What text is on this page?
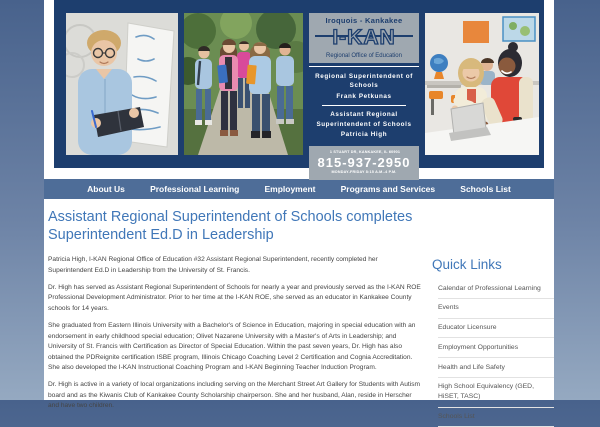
Iroquois - Kankakee
I-KAN
Regional Office of Education
Regional Superintendent of Schools
Frank Petkunas
Assistant Regional Superintendent of Schools
Patricia High
1 STUART DR, KANKAKEE, IL 60901
815-937-2950
MONDAY-FRIDAY 8:15 A.M.-4 P.M.
About Us	Professional Learning	Employment	Programs and Services	Schools List
Assistant Regional Superintendent of Schools completes Superintendent Ed.D in Leadership

Patricia High, I-KAN Regional Office of Education #32 Assistant Regional Superintendent, recently completed her Superintendent Ed.D in Leadership from the University of St. Francis.

Dr. High has served as Assistant Regional Superintendent of Schools for nearly a year and previously served as the I-KAN ROE Professional Development Administrator. Prior to her time at the I-KAN ROE, she served as an educator in Kankakee County schools for 14 years.

She graduated from Eastern Illinois University with a Bachelor's of Science in Education, majoring in special education with an endorsement in early childhood special education; Olivet Nazarene University with a Master's of Arts in Leadership; and University of St. Francis with Certification as Director of Special Education. Within the past seven years, Dr. High has also obtained the PDReignite certification ISBE program, Illinois Chicago Coaching Level 2 Certification and Cognia Accreditation. She also developed the I-KAN Instructional Coaching Program and I-KAN Beginning Teacher Induction Program.

Dr. High is active in a variety of local organizations including serving on the Merchant Street Art Gallery for Students with Autism board and as the Kiwanis Club of Kankakee County Scholarship chairperson. She and her husband, Alan, reside in Herscher and have two children.

Quick Links
Calendar of Professional Learning
Events
Educator Licensure
Employment Opportunities
Health and Life Safety
High School Equivalency (GED, HiSET, TASC)
Schools List
